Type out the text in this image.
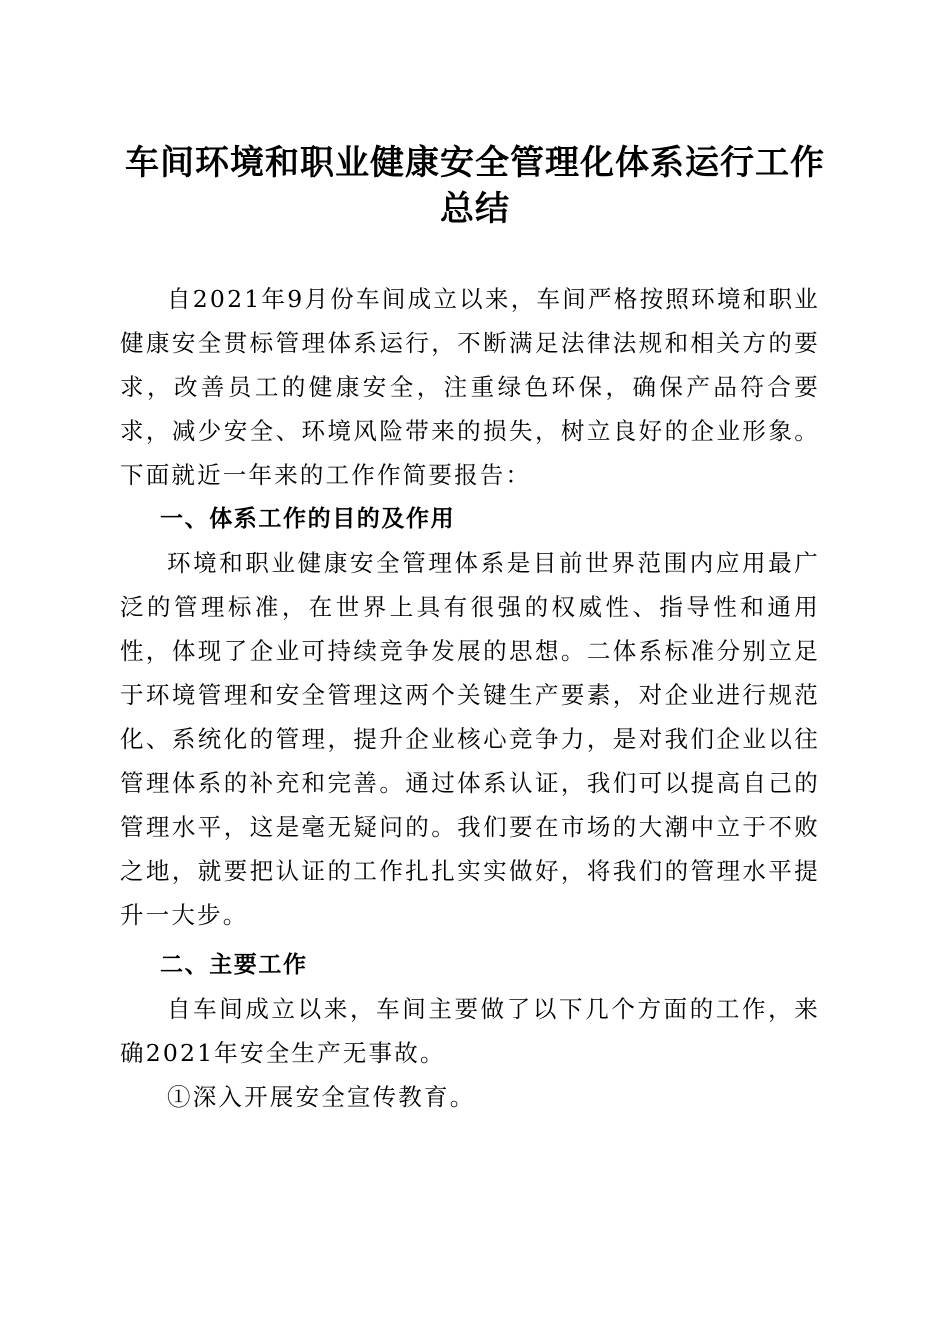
车间环境和职业健康安全管理化体系运行工作
总结

自2021年9月份车间成立以来，车间严格按照环境和职业健康安全贯标管理体系运行，不断满足法律法规和相关方的要求，改善员工的健康安全，注重绿色环保，确保产品符合要求，减少安全、环境风险带来的损失，树立良好的企业形象。下面就近一年来的工作作简要报告：

一、体系工作的目的及作用

环境和职业健康安全管理体系是目前世界范围内应用最广泛的管理标准，在世界上具有很强的权威性、指导性和通用性，体现了企业可持续竞争发展的思想。二体系标准分别立足于环境管理和安全管理这两个关键生产要素，对企业进行规范化、系统化的管理，提升企业核心竞争力，是对我们企业以往管理体系的补充和完善。通过体系认证，我们可以提高自己的管理水平，这是毫无疑问的。我们要在市场的大潮中立于不败之地，就要把认证的工作扎扎实实做好，将我们的管理水平提升一大步。

二、主要工作

自车间成立以来，车间主要做了以下几个方面的工作，来确2021年安全生产无事故。

①深入开展安全宣传教育。
